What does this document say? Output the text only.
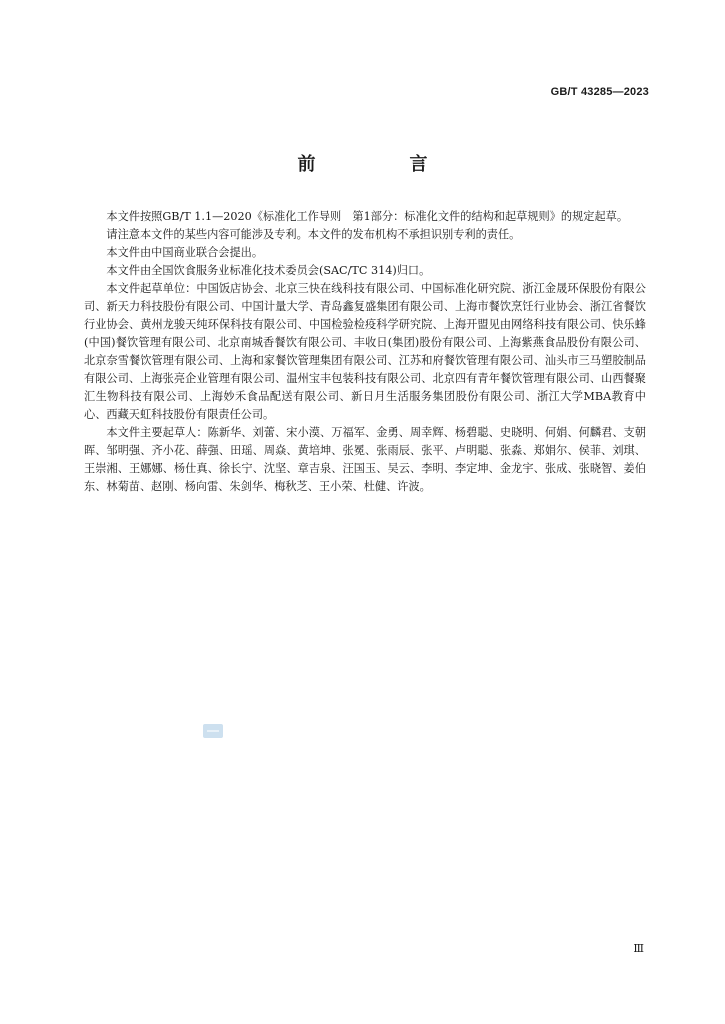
GB/T 43285—2023
前　言

本文件按照GB/T 1.1—2020《标准化工作导则　第1部分：标准化文件的结构和起草规则》的规定起草。

请注意本文件的某些内容可能涉及专利。本文件的发布机构不承担识别专利的责任。

本文件由中国商业联合会提出。

本文件由全国饮食服务业标准化技术委员会(SAC/TC 314)归口。

本文件起草单位：中国饭店协会、北京三快在线科技有限公司、中国标准化研究院、浙江金晟环保股份有限公司、新天力科技股份有限公司、中国计量大学、青岛鑫复盛集团有限公司、上海市餐饮烹饪行业协会、浙江省餐饮行业协会、黄州龙骏天纯环保科技有限公司、中国检验检疫科学研究院、上海开盟见由网络科技有限公司、快乐蜂(中国)餐饮管理有限公司、北京南城香餐饮有限公司、丰收日(集团)股份有限公司、上海紫燕食品股份有限公司、北京奈雪餐饮管理有限公司、上海和家餐饮管理集团有限公司、江苏和府餐饮管理有限公司、汕头市三马塑胶制品有限公司、上海张亮企业管理有限公司、温州宝丰包装科技有限公司、北京四有青年餐饮管理有限公司、山西餐聚汇生物科技有限公司、上海妙禾食品配送有限公司、新日月生活服务集团股份有限公司、浙江大学MBA教育中心、西藏天虹科技股份有限责任公司。

本文件主要起草人：陈新华、刘蕾、宋小漠、万福军、金勇、周幸辉、杨碧聪、史晓明、何娟、何麟君、支朝晖、邹明强、齐小花、薛强、田瑶、周焱、黄培坤、张冕、张雨辰、张平、卢明聪、张淼、郑娟尔、侯菲、刘琪、王崇湘、王娜娜、杨仕真、徐长宁、沈坚、章吉泉、汪国玉、吴云、李明、李定坤、金龙宇、张成、张晓智、姜伯东、林菊苗、赵刚、杨向雷、朱剑华、梅秋芝、王小荣、杜健、许波。

Ⅲ
